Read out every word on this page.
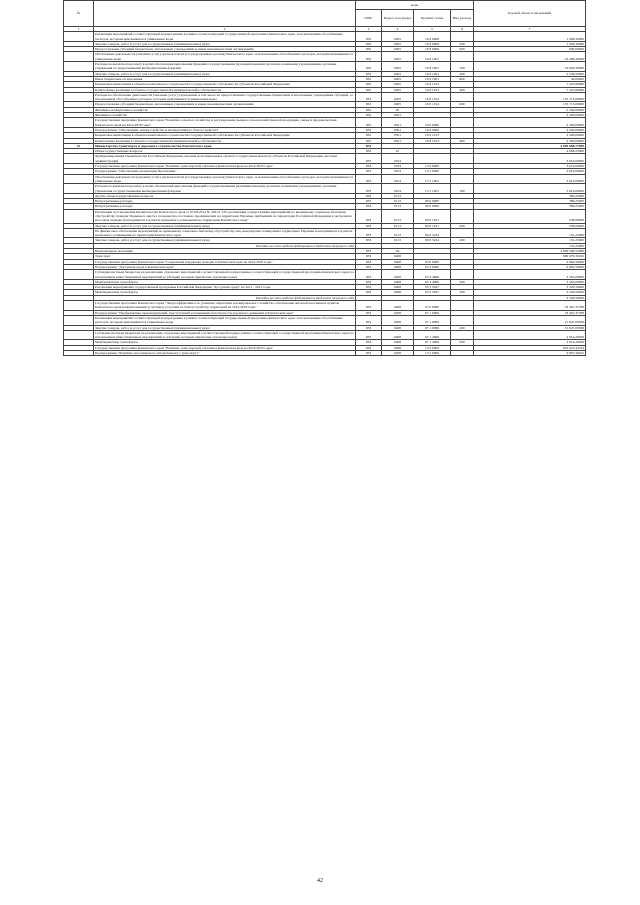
№		коды				Годовой объем ассигнований
		ГРБС	Раздел, под-раздел	Целевая статья	Вид расхода	
1	2	3	4	5	6	7
	Реализация мероприятий соответствующей подпрограммы в рамках соответствующей государственной программы Камчатского края, за исключением обособленных расходов, которым присваиваются уникальные коды	832	0405	16 8 0999		1 006,30000
	Закупка товаров, работ и услуг для государственных (муниципальных) нужд	832	0405	16 8 0999	200	1 006,30000
	Предоставление субсидий бюджетным, автономным учреждениям и иным некоммерческим организациям	832	0405	16 8 0999	600	900,00000
	Обеспечение деятельности (оказание услуг) органов власти (государственных органов) Камчатского края, за исключением обособленных расходов, которым присваиваются уникальные коды	832	0405	16 8 1001		19 288,40000
	Расходы на выплаты персоналу в целях обеспечения выполнения функций государственными (муниципальными) органами, казенными учреждениями, органами управления государственными внебюджетными фондами	832	0405	16 8 1001	100	16 692,30000
	Закупка товаров, работ и услуг для государственных (муниципальных) нужд	832	0405	16 8 1001	200	2 546,50000
	Иные бюджетные ассигнования	832	0405	16 8 1001	800	49,60000
	Бюджетные инвестиции в объекты капитального строительства государственной собственности субъектов Российской Федерации	832	0405	16 8 1013		7 425,86890
	Капитальные вложения в объекты государственной (муниципальной) собственности	832	0405	16 8 1013	400	7 425,86890
	Расходы на обеспечение деятельности (оказание услуг) учреждений, в том числе на предоставление государственным бюджетным и автономным учреждениям субсидий, за исключением обособленных расходов, которым присваиваются уникальные коды	832	0405	16 8 1014		135 713,00000
	Предоставление субсидий бюджетным, автономным учреждениям и иным некоммерческим организациям	832	0405	16 8 1014	600	135 713,00000
	Жилищно-коммунальное хозяйство	832	05			2 200,00000
	Жилищное хозяйство	832	0501			2 200,00000
	Государственная программа Камчатского края "Развитие сельского хозяйства и регулирование рынков сельскохозяйственной продукции, сырья и продовольствия Камчатского края на 2014-2018 годы"	832	0501	16 0 0000		2 200,00000
	Подпрограмма "Обеспечение землеустройства и мелиоративного благоустройства"	832	0501	16 8 0000		2 200,00000
	Бюджетные инвестиции в объекты капитального строительства государственной собственности субъектов Российской Федерации	832	0501	16 8 1013		2 200,00000
	Капитальные вложения в объекты государственной (муниципальной) собственности	832	0501	16 8 1013	400	2 200,00000
22	Министерство транспорта и дорожного строительства Камчатского края	833				4 859 088,77989
	Общегосударственные вопросы	833	01			4 008,25000
	Функционирование Правительства Российской Федерации, высших исполнительных органов государственной власти субъектов Российской Федерации, местных администраций	833	0104			3 619,00000
	Государственная программа Камчатского края "Развитие транспортной системы в Камчатском крае на 2014-2025 годы"	833	0104	15 0 0000		3 619,00000
	Подпрограмма "Обеспечение реализации Программы"	833	0104	15 5 0000		3 619,00000
	Обеспечение деятельности (оказание услуг) органов власти (государственных органов) Камчатского края, за исключением обособленных расходов, которым присваиваются уникальные коды	833	0104	15 5 1001		3 619,00000
	Расходы на выплаты персоналу в целях обеспечения выполнения функций государственными (муниципальными) органами, казенными учреждениями, органами управления государственными внебюджетными фондами	833	0104	15 5 1001	100	3 619,00000
	Другие общегосударственные вопросы	833	0113			389,25000
	Непрограммные расходы	833	0113	99 0 0000		389,25000
	Непрограммные расходы	833	0113	99 9 0000		389,25000
	Реализация постановления Правительства Камчатского края от 07.08.2014 № 329-П "Об организации осуществления мероприятий по временному социально-бытовому обустройству граждан Украины и лиц без гражданства, постоянно проживающих на территории Украины, прибывших на территорию Российской Федерации в экстренном массовом порядке и находящихся в пунктах временного размещения на территории Камчатского края"	833	0113	99 9 1021		258,00000
	Закупка товаров, работ и услуг для государственных (муниципальных) нужд	833	0113	99 9 1021	200	258,00000
	На финансовое обеспечение мероприятий по временному социально-бытовому обустройству лиц, вынужденно покинувших территорию Украины и находящихся в пунктах временного размещения на территории Камчатского края	833	0113	99 9 5224		131,25000
	Закупка товаров, работ и услуг для государственных (муниципальных) нужд	833	0113	99 9 5224	200	131,25000
	Расходы за счет средств федерального бюджета текущего года					131,25000
	Национальная экономика	833	04			4 826 590,52989
	Транспорт	833	0408			680 979,30192
	Государственная программа Камчатского края "Социальная поддержка граждан в Камчатском крае на 2014-2018 годы"	833	0408	03 0 0000		6 894,56000
	Подпрограмма "Доступная среда в Камчатском крае"	833	0408	03 3 0000		6 894,56000
	Субсидии местным бюджетам на реализацию отдельных мероприятий соответствующей подпрограммы соответствующей государственной программы Камчатского края (за исключением инвестиционных мероприятий и субсидий, которым присвоены отдельные коды)	833	0408	03 3 4006		3 565,00000
	Межбюджетные трансферты	833	0408	03 3 4006	500	3 565,00000
	Реализация мероприятий государственной программы Российской Федерации "Доступная среда" на 2011 - 2015 годы	833	0408	03 3 5027		3 329,56000
	Межбюджетные трансферты	833	0408	03 3 5027	500	3 329,56000
	Расходы за счет средств федерального бюджета текущего года					3 329,56000
	Государственная программа Камчатского края "Энергоэффективность, развитие энергетики и коммунального хозяйства, обеспечение жителей населенных пунктов Камчатского края коммунальными услугами и услугами по благоустройству территорий на 2014-2018 годы"	833	0408	07 0 0000		18 461,37768
	Подпрограмма "Профилактика правонарушений, преступлений и повышение безопасности дорожного движения в Камчатском крае"	833	0408	07 1 0000		18 461,37768
	Реализация мероприятий соответствующей подпрограммы в рамках соответствующей государственной программы Камчатского края, за исключением обособленных расходов, которым присваиваются уникальные коды	833	0408	07 1 0999		15 847,09568
	Закупка товаров, работ и услуг для государственных (муниципальных) нужд	833	0408	07 1 0999	200	15 847,09568
	Субсидии местным бюджетам на реализацию отдельных мероприятий соответствующей подпрограммы соответствующей государственной программы Камчатского края (за исключением инвестиционных мероприятий и субсидий, которым присвоены отдельные коды)	833	0408	07 1 4006		2 614,28200
	Межбюджетные трансферты	833	0408	07 1 4006	500	2 614,28200
	Государственная программа Камчатского края "Развитие транспортной системы в Камчатском крае на 2014-2025 годы"	833	0408	15 0 0000		655 623,42524
	Подпрограмма "Развитие пассажирского автомобильного транспорта"	833	0408	15 2 0000		9 807,40455
42
